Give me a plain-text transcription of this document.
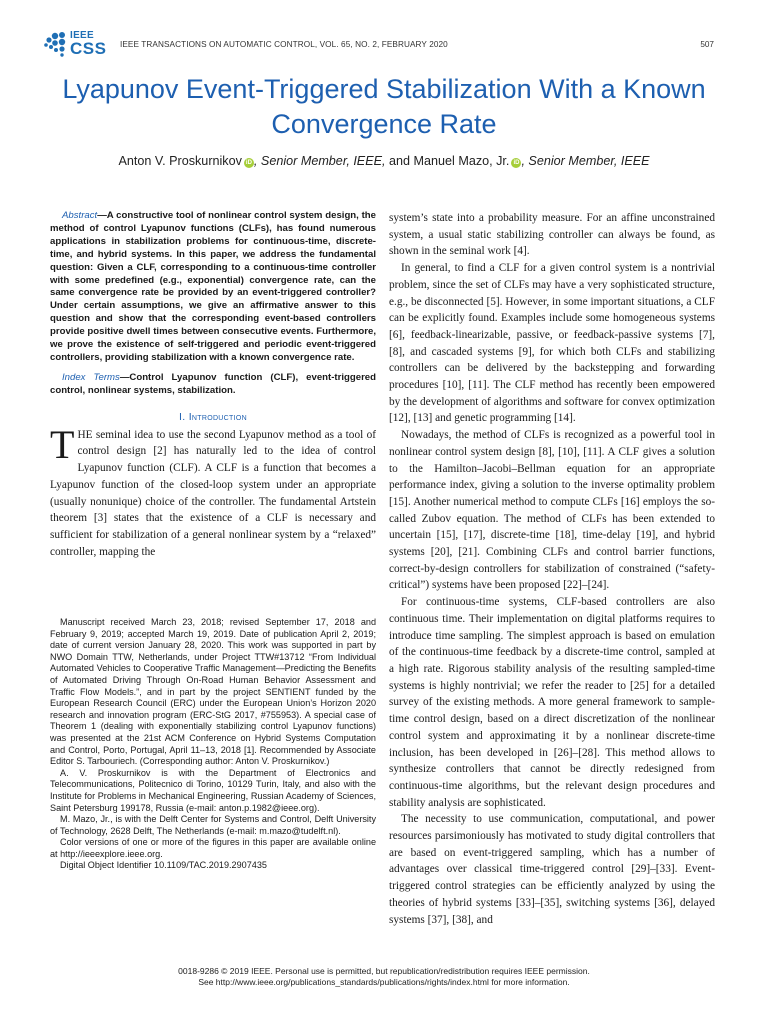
IEEE
CSS IEEE TRANSACTIONS ON AUTOMATIC CONTROL, VOL. 65, NO. 2, FEBRUARY 2020	507
Lyapunov Event-Triggered Stabilization With a Known Convergence Rate
Anton V. Proskurnikov iD , Senior Member, IEEE, and Manuel Mazo, Jr. iD , Senior Member, IEEE

Abstract—A constructive tool of nonlinear control system design, the method of control Lyapunov functions (CLFs), has found numerous applications in stabilization problems for continuous-time, discrete-time, and hybrid systems. In this paper, we address the fundamental question: Given a CLF, corresponding to a continuous-time controller with some predefined (e.g., exponential) convergence rate, can the same convergence rate be provided by an event-triggered controller? Under certain assumptions, we give an affirmative answer to this question and show that the corresponding event-based controllers provide positive dwell times between consecutive events. Furthermore, we prove the existence of self-triggered and periodic event-triggered controllers, providing stabilization with a known convergence rate.

Index Terms—Control Lyapunov function (CLF), event-triggered control, nonlinear systems, stabilization.

I. Introduction

THE seminal idea to use the second Lyapunov method as a tool of control design [2] has naturally led to the idea of control Lyapunov function (CLF). A CLF is a function that becomes a Lyapunov function of the closed-loop system under an appropriate (usually nonunique) choice of the controller. The fundamental Artstein theorem [3] states that the existence of a CLF is necessary and sufficient for stabilization of a general nonlinear system by a “relaxed” controller, mapping the

Manuscript received March 23, 2018; revised September 17, 2018 and February 9, 2019; accepted March 19, 2019. Date of publication April 2, 2019; date of current version January 28, 2020. This work was supported in part by NWO Domain TTW, Netherlands, under Project TTW#13712 “From Individual Automated Vehicles to Cooperative Traffic Management—Predicting the Benefits of Automated Driving Through On-Road Human Behavior Assessment and Traffic Flow Models.”, and in part by the project SENTIENT funded by the European Research Council (ERC) under the European Union’s Horizon 2020 research and innovation program (ERC-StG 2017, #755953). A special case of Theorem 1 (dealing with exponentially stabilizing control Lyapunov functions) was presented at the 21st ACM Conference on Hybrid Systems Computation and Control, Porto, Portugal, April 11–13, 2018 [1]. Recommended by Associate Editor S. Tarbouriech. (Corresponding author: Anton V. Proskurnikov.)

A. V. Proskurnikov is with the Department of Electronics and Telecommunications, Politecnico di Torino, 10129 Turin, Italy, and also with the Institute for Problems in Mechanical Engineering, Russian Academy of Sciences, Saint Petersburg 199178, Russia (e-mail: anton.p.1982@ieee.org).

M. Mazo, Jr., is with the Delft Center for Systems and Control, Delft University of Technology, 2628 Delft, The Netherlands (e-mail: m.mazo@tudelft.nl).

Color versions of one or more of the figures in this paper are available online at http://ieeexplore.ieee.org.

Digital Object Identifier 10.1109/TAC.2019.2907435

system’s state into a probability measure. For an affine unconstrained system, a usual static stabilizing controller can always be found, as shown in the seminal work [4].

In general, to find a CLF for a given control system is a nontrivial problem, since the set of CLFs may have a very sophisticated structure, e.g., be disconnected [5]. However, in some important situations, a CLF can be explicitly found. Examples include some homogeneous systems [6], feedback-linearizable, passive, or feedback-passive systems [7], [8], and cascaded systems [9], for which both CLFs and stabilizing controllers can be delivered by the backstepping and forwarding procedures [10], [11]. The CLF method has recently been empowered by the development of algorithms and software for convex optimization [12], [13] and genetic programming [14].

Nowadays, the method of CLFs is recognized as a powerful tool in nonlinear control system design [8], [10], [11]. A CLF gives a solution to the Hamilton–Jacobi–Bellman equation for an appropriate performance index, giving a solution to the inverse optimality problem [15]. Another numerical method to compute CLFs [16] employs the so-called Zubov equation. The method of CLFs has been extended to uncertain [15], [17], discrete-time [18], time-delay [19], and hybrid systems [20], [21]. Combining CLFs and control barrier functions, correct-by-design controllers for stabilization of constrained (“safety-critical”) systems have been proposed [22]–[24].

For continuous-time systems, CLF-based controllers are also continuous time. Their implementation on digital platforms requires to introduce time sampling. The simplest approach is based on emulation of the continuous-time feedback by a discrete-time control, sampled at a high rate. Rigorous stability analysis of the resulting sampled-time systems is highly nontrivial; we refer the reader to [25] for a detailed survey of the existing methods. A more general framework to sample-time control design, based on a direct discretization of the nonlinear control system and approximating it by a nonlinear discrete-time inclusion, has been developed in [26]–[28]. This method allows to synthesize controllers that cannot be directly redesigned from continuous-time algorithms, but the relevant design procedures and stability analysis are sophisticated.

The necessity to use communication, computational, and power resources parsimoniously has motivated to study digital controllers that are based on event-triggered sampling, which has a number of advantages over classical time-triggered control [29]–[33]. Event-triggered control strategies can be efficiently analyzed by using the theories of hybrid systems [33]–[35], switching systems [36], delayed systems [37], [38], and

0018-9286 © 2019 IEEE. Personal use is permitted, but republication/redistribution requires IEEE permission.
See http://www.ieee.org/publications_standards/publications/rights/index.html for more information.
